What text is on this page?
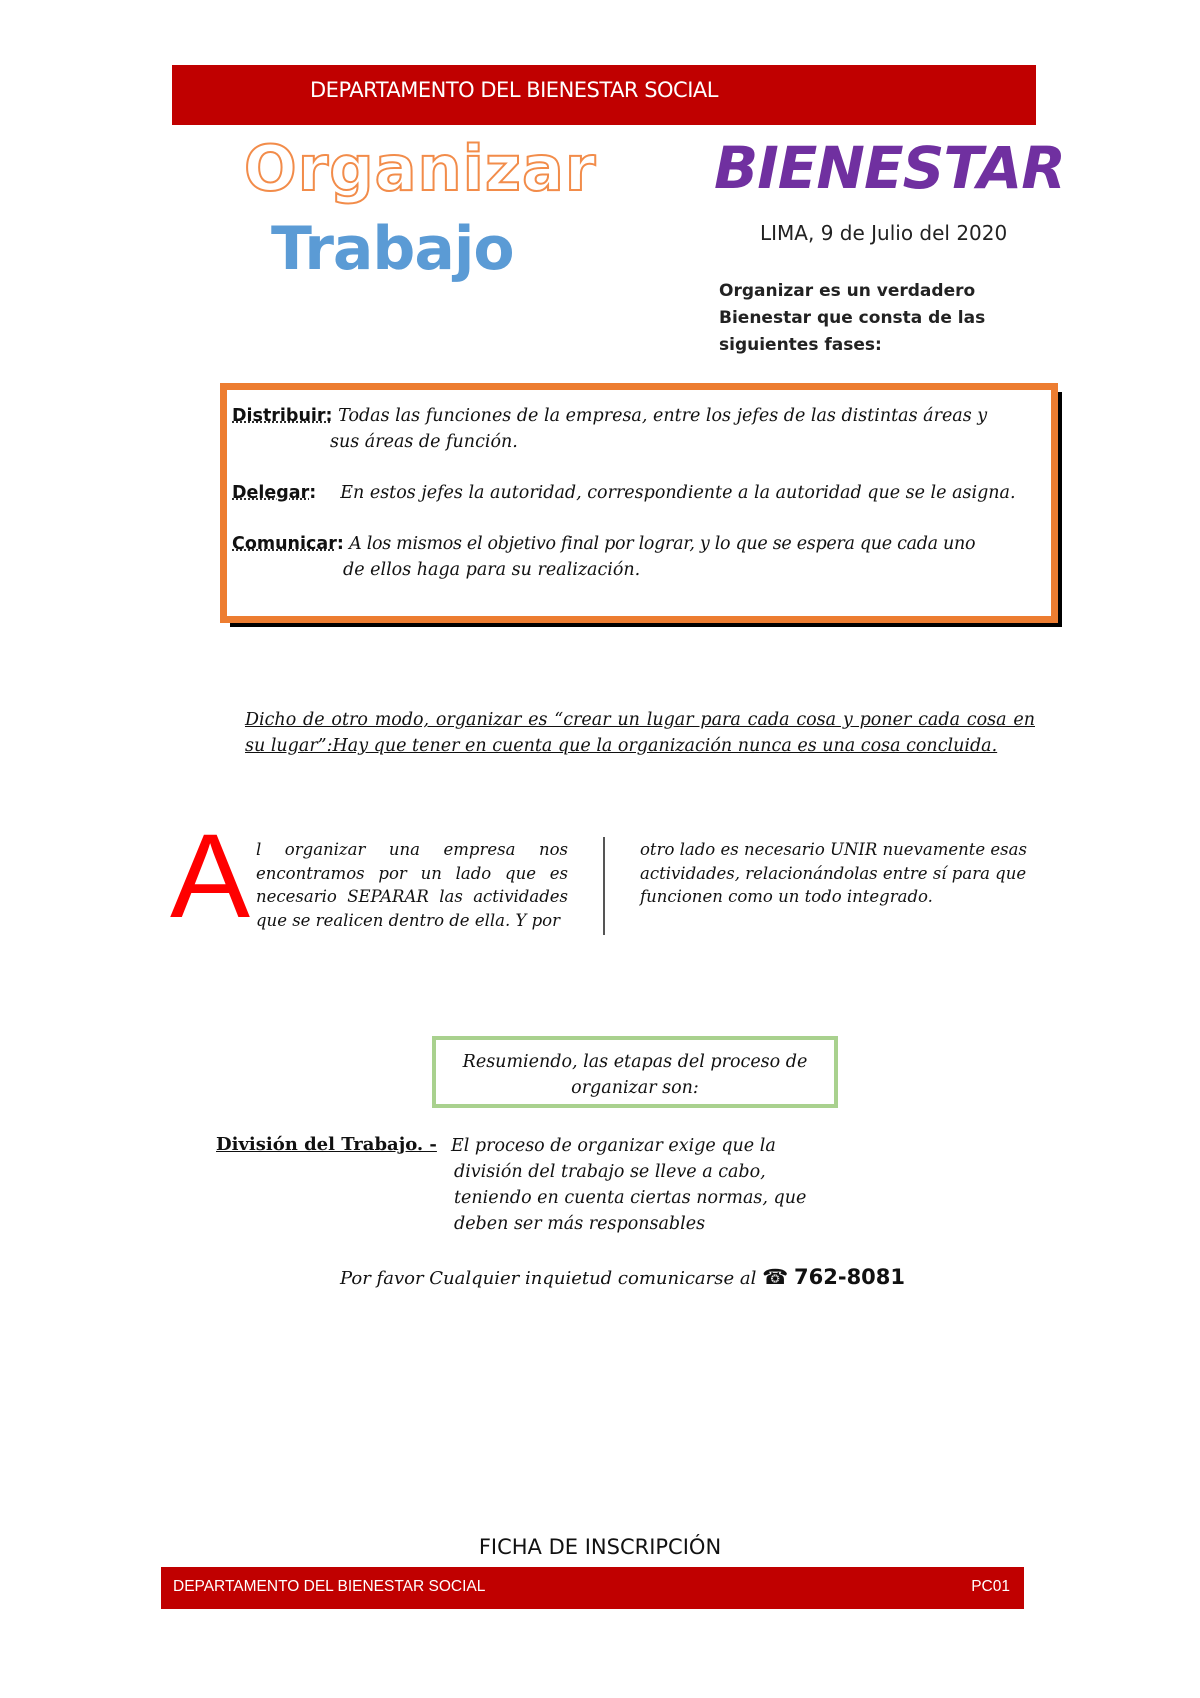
DEPARTAMENTO DEL BIENESTAR SOCIAL
Organizar
Trabajo
BIENESTAR
LIMA, 9 de Julio del 2020
Organizar es un verdadero Bienestar que consta de las siguientes fases:
Distribuir: Todas las funciones de la empresa, entre los jefes de las distintas áreas y
sus áreas de función.
Delegar: En estos jefes la autoridad, correspondiente a la autoridad que se le asigna.
Comunicar: A los mismos el objetivo final por lograr, y lo que se espera que cada uno
de ellos haga para su realización.
Dicho de otro modo, organizar es “crear un lugar para cada cosa y poner cada cosa en su lugar”:Hay que tener en cuenta que la organización nunca es una cosa concluida.
A l organizar una empresa nos encontramos por un lado que es necesario SEPARAR las actividades que se realicen dentro de ella. Y por
otro lado es necesario UNIR nuevamente esas actividades, relacionándolas entre sí para que funcionen como un todo integrado.
Resumiendo, las etapas del proceso de organizar son:
División del Trabajo. - El proceso de organizar exige que la
división del trabajo se lleve a cabo,
teniendo en cuenta ciertas normas, que
deben ser más responsables
Por favor Cualquier inquietud comunicarse al ☎ 762-8081
FICHA DE INSCRIPCIÓN
DEPARTAMENTO DEL BIENESTAR SOCIAL	PC01
